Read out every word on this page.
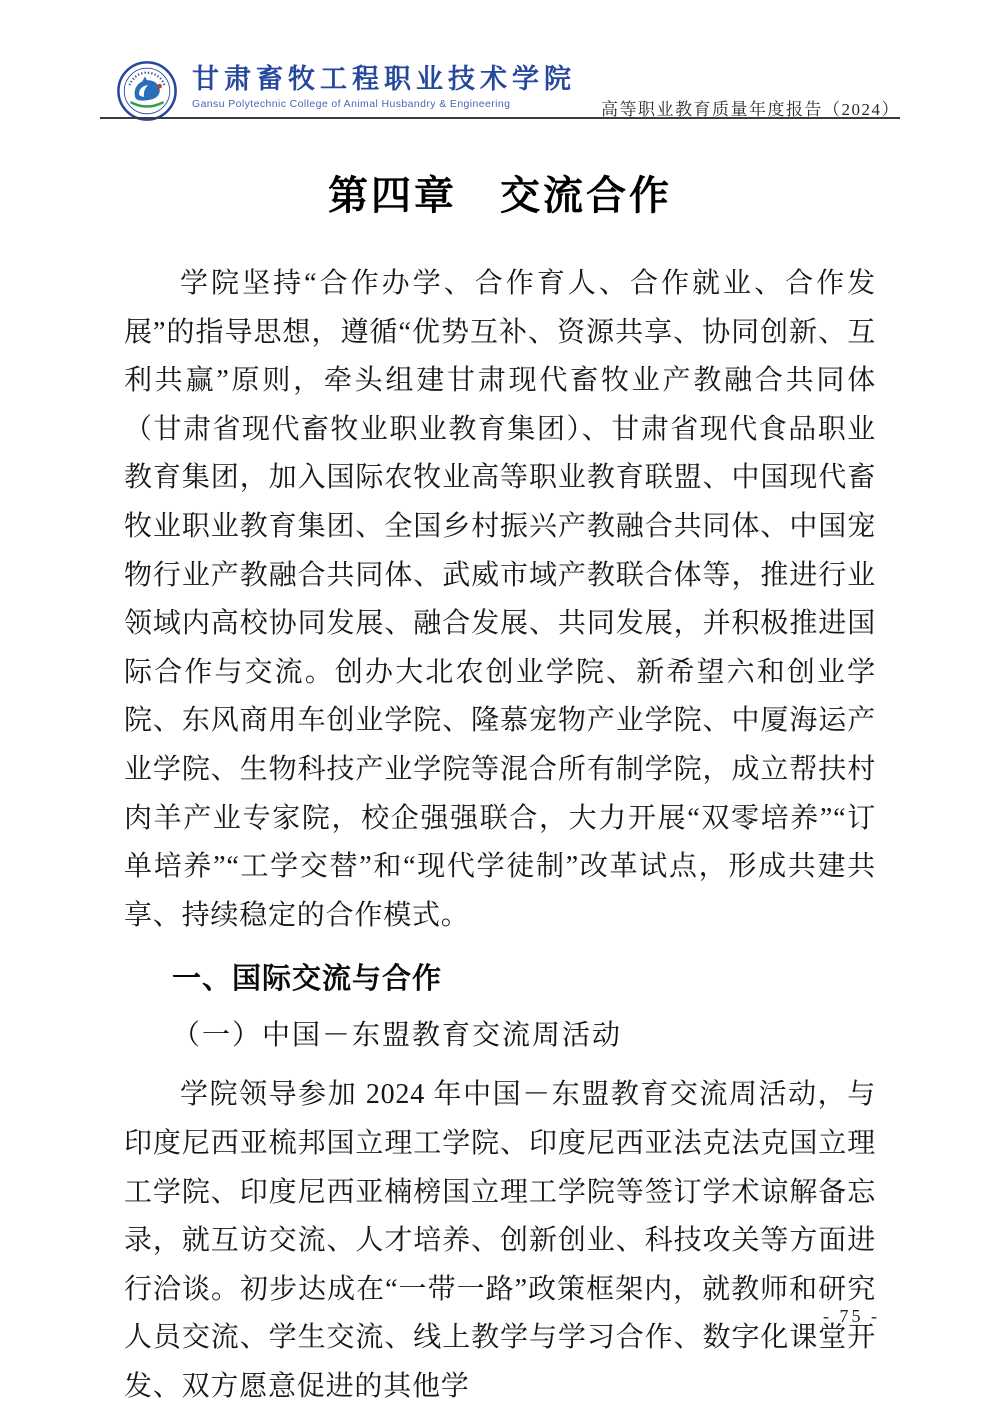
甘肃畜牧工程职业技术学院
Gansu Polytechnic College of Animal Husbandry & Engineering	高等职业教育质量年度报告（2024）
第四章　交流合作

学院坚持“合作办学、合作育人、合作就业、合作发展”的指导思想，遵循“优势互补、资源共享、协同创新、互利共赢”原则，牵头组建甘肃现代畜牧业产教融合共同体（甘肃省现代畜牧业职业教育集团）、甘肃省现代食品职业教育集团，加入国际农牧业高等职业教育联盟、中国现代畜牧业职业教育集团、全国乡村振兴产教融合共同体、中国宠物行业产教融合共同体、武威市域产教联合体等，推进行业领域内高校协同发展、融合发展、共同发展，并积极推进国际合作与交流。创办大北农创业学院、新希望六和创业学院、东风商用车创业学院、隆慕宠物产业学院、中厦海运产业学院、生物科技产业学院等混合所有制学院，成立帮扶村肉羊产业专家院，校企强强联合，大力开展“双零培养”“订单培养”“工学交替”和“现代学徒制”改革试点，形成共建共享、持续稳定的合作模式。

一、国际交流与合作
（一）中国－东盟教育交流周活动

学院领导参加 2024 年中国－东盟教育交流周活动，与印度尼西亚梳邦国立理工学院、印度尼西亚法克法克国立理工学院、印度尼西亚楠榜国立理工学院等签订学术谅解备忘录，就互访交流、人才培养、创新创业、科技攻关等方面进行洽谈。初步达成在“一带一路”政策框架内，就教师和研究人员交流、学生交流、线上教学与学习合作、数字化课堂开发、双方愿意促进的其他学

- 75 -
